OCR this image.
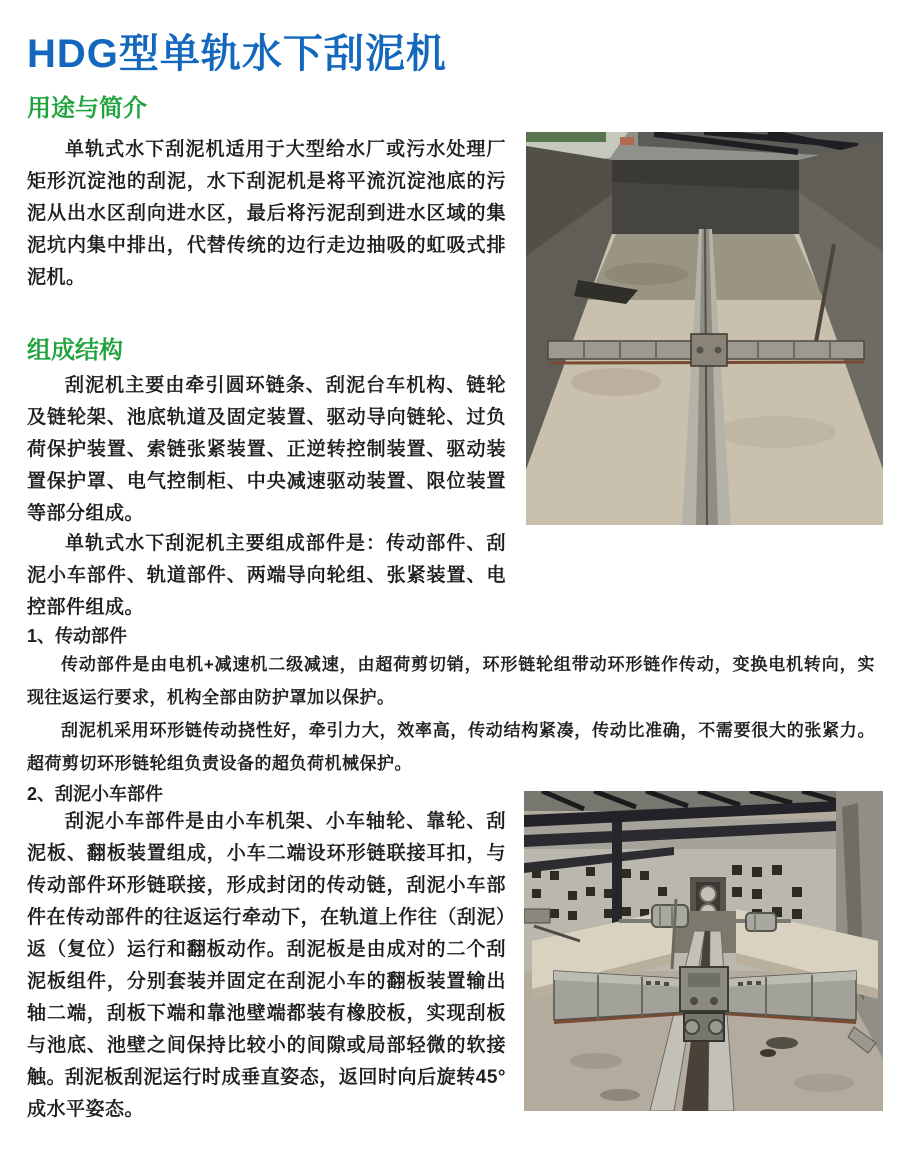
HDG型单轨水下刮泥机
用途与简介

单轨式水下刮泥机适用于大型给水厂或污水处理厂矩形沉淀池的刮泥，水下刮泥机是将平流沉淀池底的污泥从出水区刮向进水区，最后将污泥刮到进水区域的集泥坑内集中排出，代替传统的边行走边抽吸的虹吸式排泥机。

组成结构

刮泥机主要由牵引圆环链条、刮泥台车机构、链轮及链轮架、池底轨道及固定装置、驱动导向链轮、过负荷保护装置、索链张紧装置、正逆转控制装置、驱动装置保护罩、电气控制柜、中央减速驱动装置、限位装置等部分组成。

单轨式水下刮泥机主要组成部件是：传动部件、刮泥小车部件、轨道部件、两端导向轮组、张紧装置、电控部件组成。

1、传动部件

传动部件是由电机+减速机二级减速，由超荷剪切销，环形链轮组带动环形链作传动，变换电机转向，实现往返运行要求，机构全部由防护罩加以保护。

刮泥机采用环形链传动挠性好，牵引力大，效率高，传动结构紧凑，传动比准确，不需要很大的张紧力。超荷剪切环形链轮组负责设备的超负荷机械保护。

2、刮泥小车部件

刮泥小车部件是由小车机架、小车轴轮、靠轮、刮泥板、翻板装置组成，小车二端设环形链联接耳扣，与传动部件环形链联接，形成封闭的传动链，刮泥小车部件在传动部件的往返运行牵动下，在轨道上作往（刮泥）返（复位）运行和翻板动作。刮泥板是由成对的二个刮泥板组件，分别套装并固定在刮泥小车的翻板装置输出轴二端，刮板下端和靠池壁端都装有橡胶板，实现刮板与池底、池壁之间保持比较小的间隙或局部轻微的软接触。

刮泥板刮泥运行时成垂直姿态，返回时向后旋转45°成水平姿态。
